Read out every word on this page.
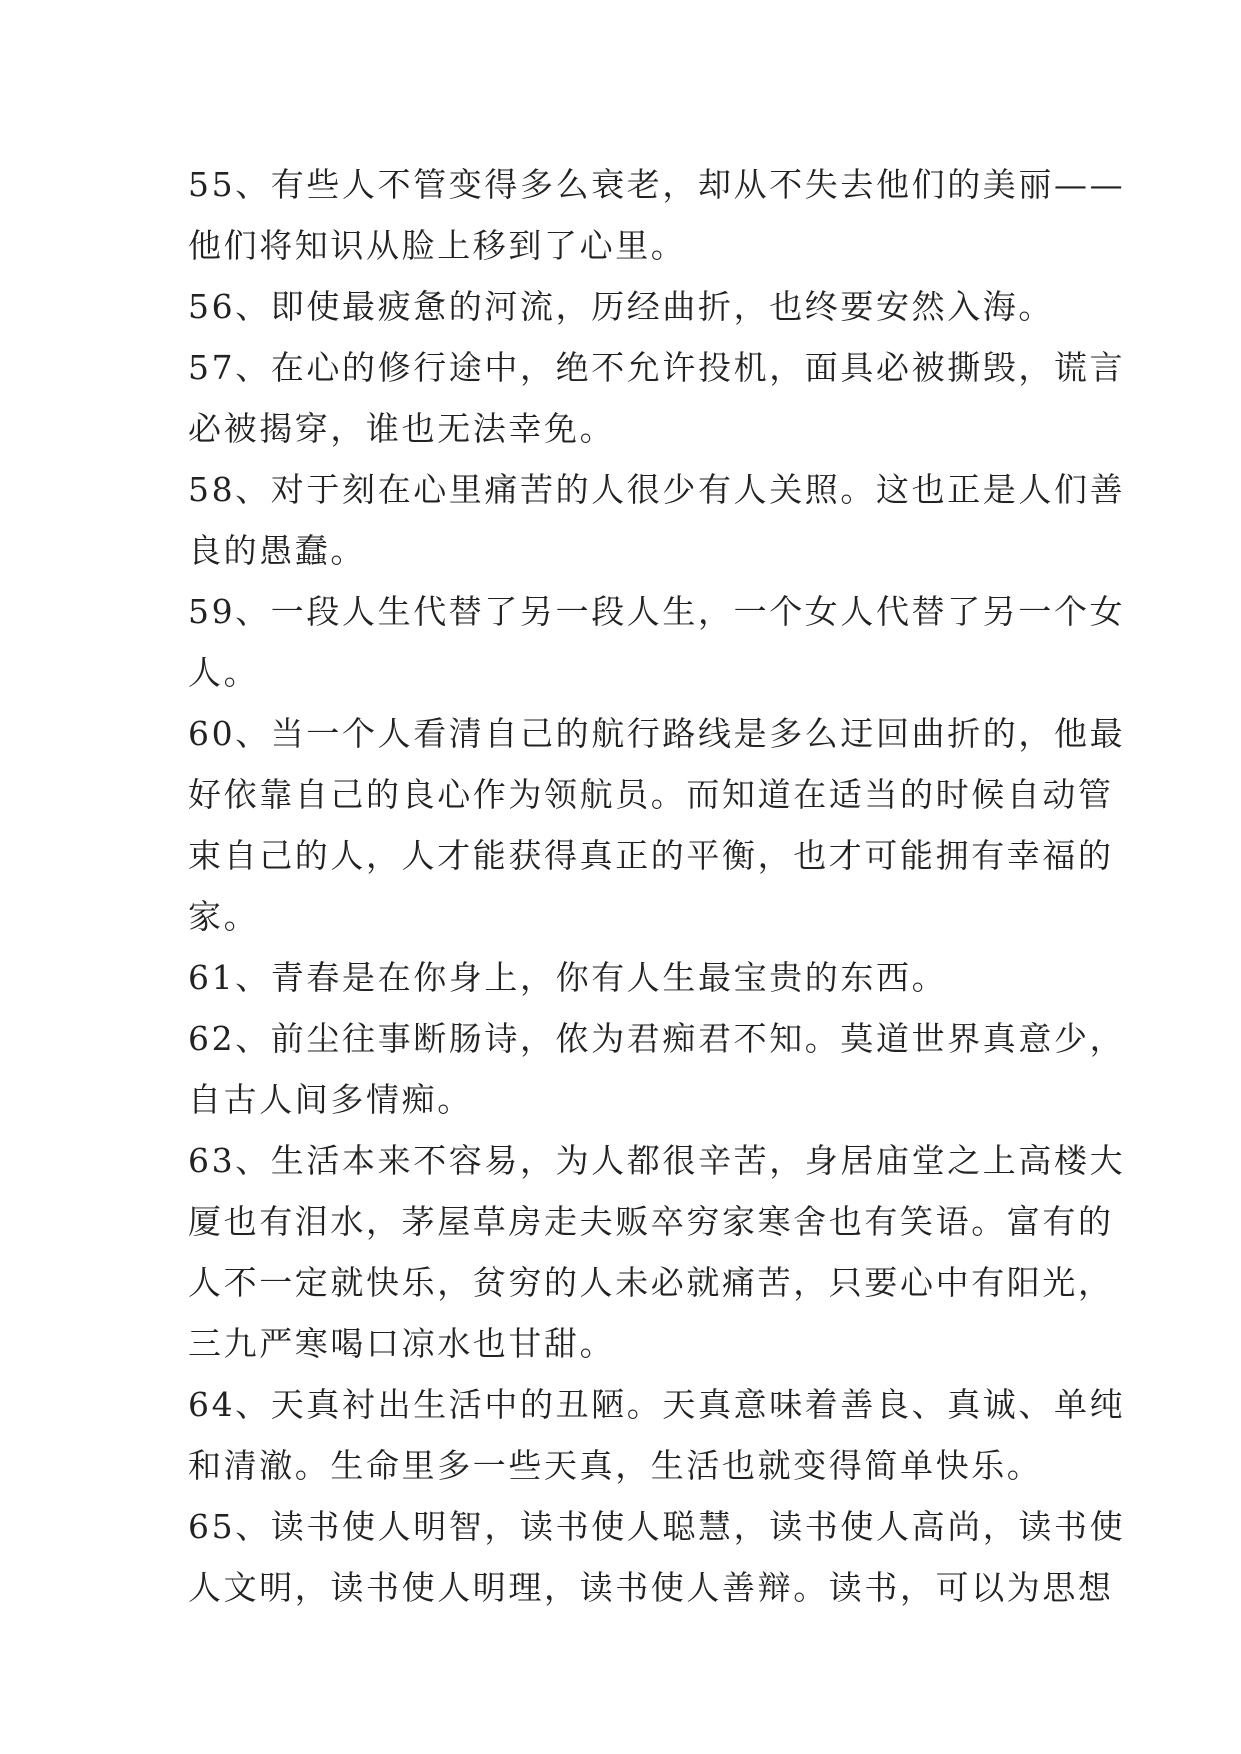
55、有些人不管变得多么衰老，却从不失去他们的美丽——
他们将知识从脸上移到了心里。
56、即使最疲惫的河流，历经曲折，也终要安然入海。
57、在心的修行途中，绝不允许投机，面具必被撕毁，谎言
必被揭穿，谁也无法幸免。
58、对于刻在心里痛苦的人很少有人关照。这也正是人们善
良的愚蠢。
59、一段人生代替了另一段人生，一个女人代替了另一个女
人。
60、当一个人看清自己的航行路线是多么迂回曲折的，他最
好依靠自己的良心作为领航员。而知道在适当的时候自动管
束自己的人，人才能获得真正的平衡，也才可能拥有幸福的
家。
61、青春是在你身上，你有人生最宝贵的东西。
62、前尘往事断肠诗，侬为君痴君不知。莫道世界真意少，
自古人间多情痴。
63、生活本来不容易，为人都很辛苦，身居庙堂之上高楼大
厦也有泪水，茅屋草房走夫贩卒穷家寒舍也有笑语。富有的
人不一定就快乐，贫穷的人未必就痛苦，只要心中有阳光，
三九严寒喝口凉水也甘甜。
64、天真衬出生活中的丑陋。天真意味着善良、真诚、单纯
和清澈。生命里多一些天真，生活也就变得简单快乐。
65、读书使人明智，读书使人聪慧，读书使人高尚，读书使
人文明，读书使人明理，读书使人善辩。读书，可以为思想
